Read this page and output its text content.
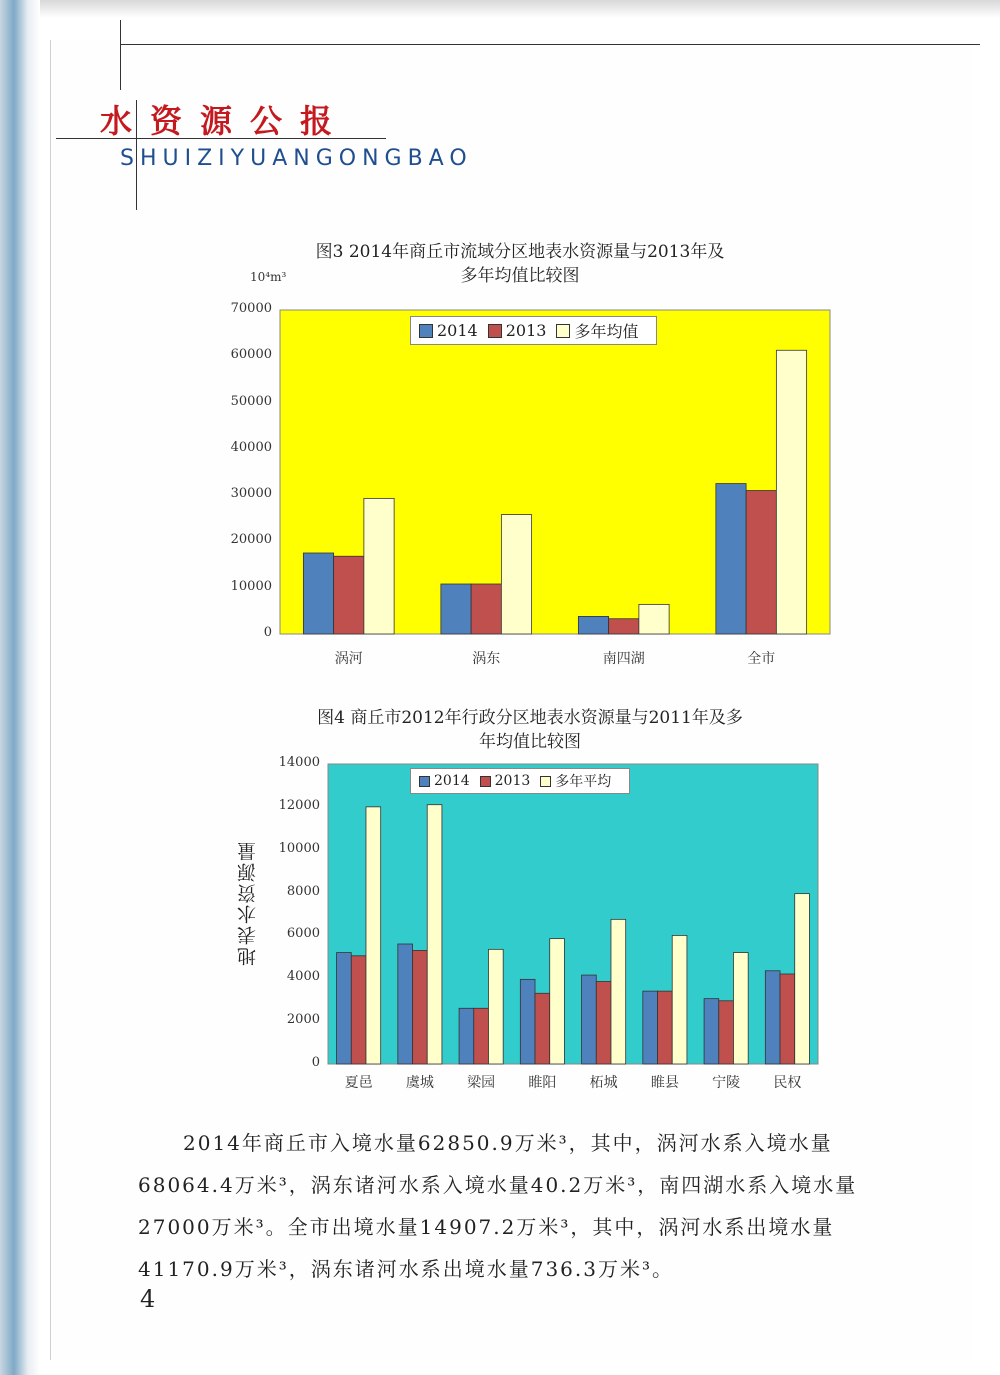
水资源公报
SHUIZIYUANGONGBAO
图3 2014年商丘市流域分区地表水资源量与2013年及
多年均值比较图
10⁴m³
0
10000
20000
30000
40000
50000
60000
70000
涡河	涡东	南四湖	全市
2014 2013 多年均值
图4 商丘市2012年行政分区地表水资源量与2011年及多
年均值比较图
地表水资源量
0
2000
4000
6000
8000
10000
12000
14000
夏邑	虞城	梁园	睢阳	柘城	睢县	宁陵	民权
2014 2013 多年平均
2014年商丘市入境水量62850.9万米³，其中，涡河水系入境水量68064.4万米³，涡东诸河水系入境水量40.2万米³，南四湖水系入境水量27000万米³。全市出境水量14907.2万米³，其中，涡河水系出境水量41170.9万米³，涡东诸河水系出境水量736.3万米³。
4
